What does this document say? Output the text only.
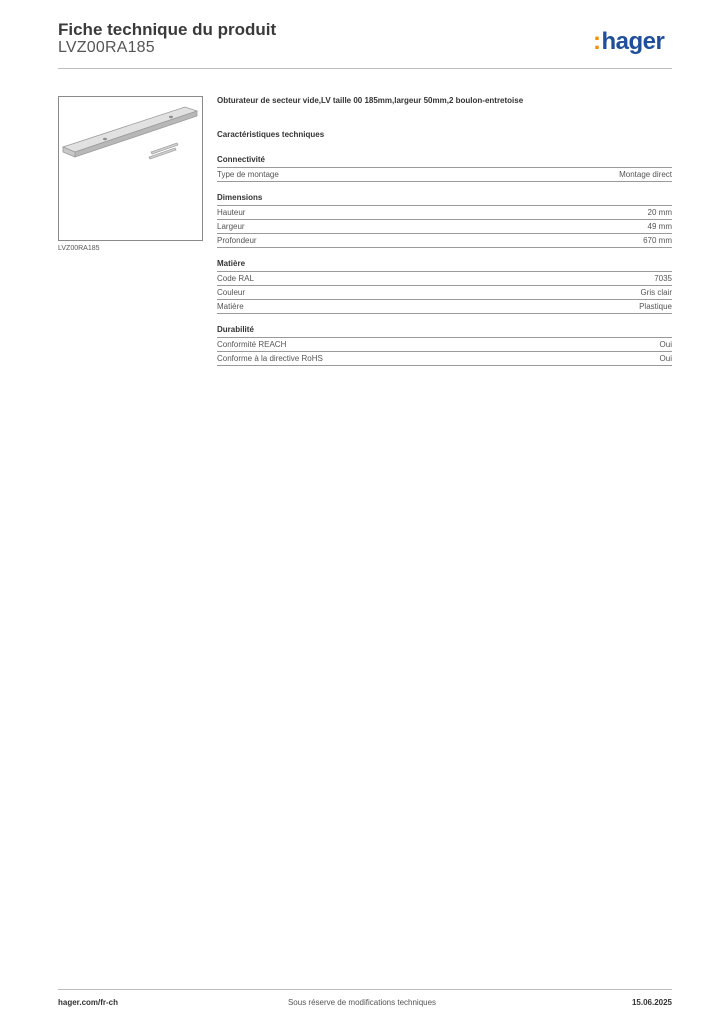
Fiche technique du produit
LVZ00RA185	:hager
LVZ00RA185
Obturateur de secteur vide,LV taille 00 185mm,largeur 50mm,2 boulon-entretoise
Caractéristiques techniques
Connectivité
Type de montage	Montage direct
Dimensions
Hauteur	20 mm
Largeur	49 mm
Profondeur	670 mm
Matière
Code RAL	7035
Couleur	Gris clair
Matière	Plastique
Durabilité
Conformité REACH	Oui
Conforme à la directive RoHS	Oui
hager.com/fr-ch	Sous réserve de modifications techniques	15.06.2025
